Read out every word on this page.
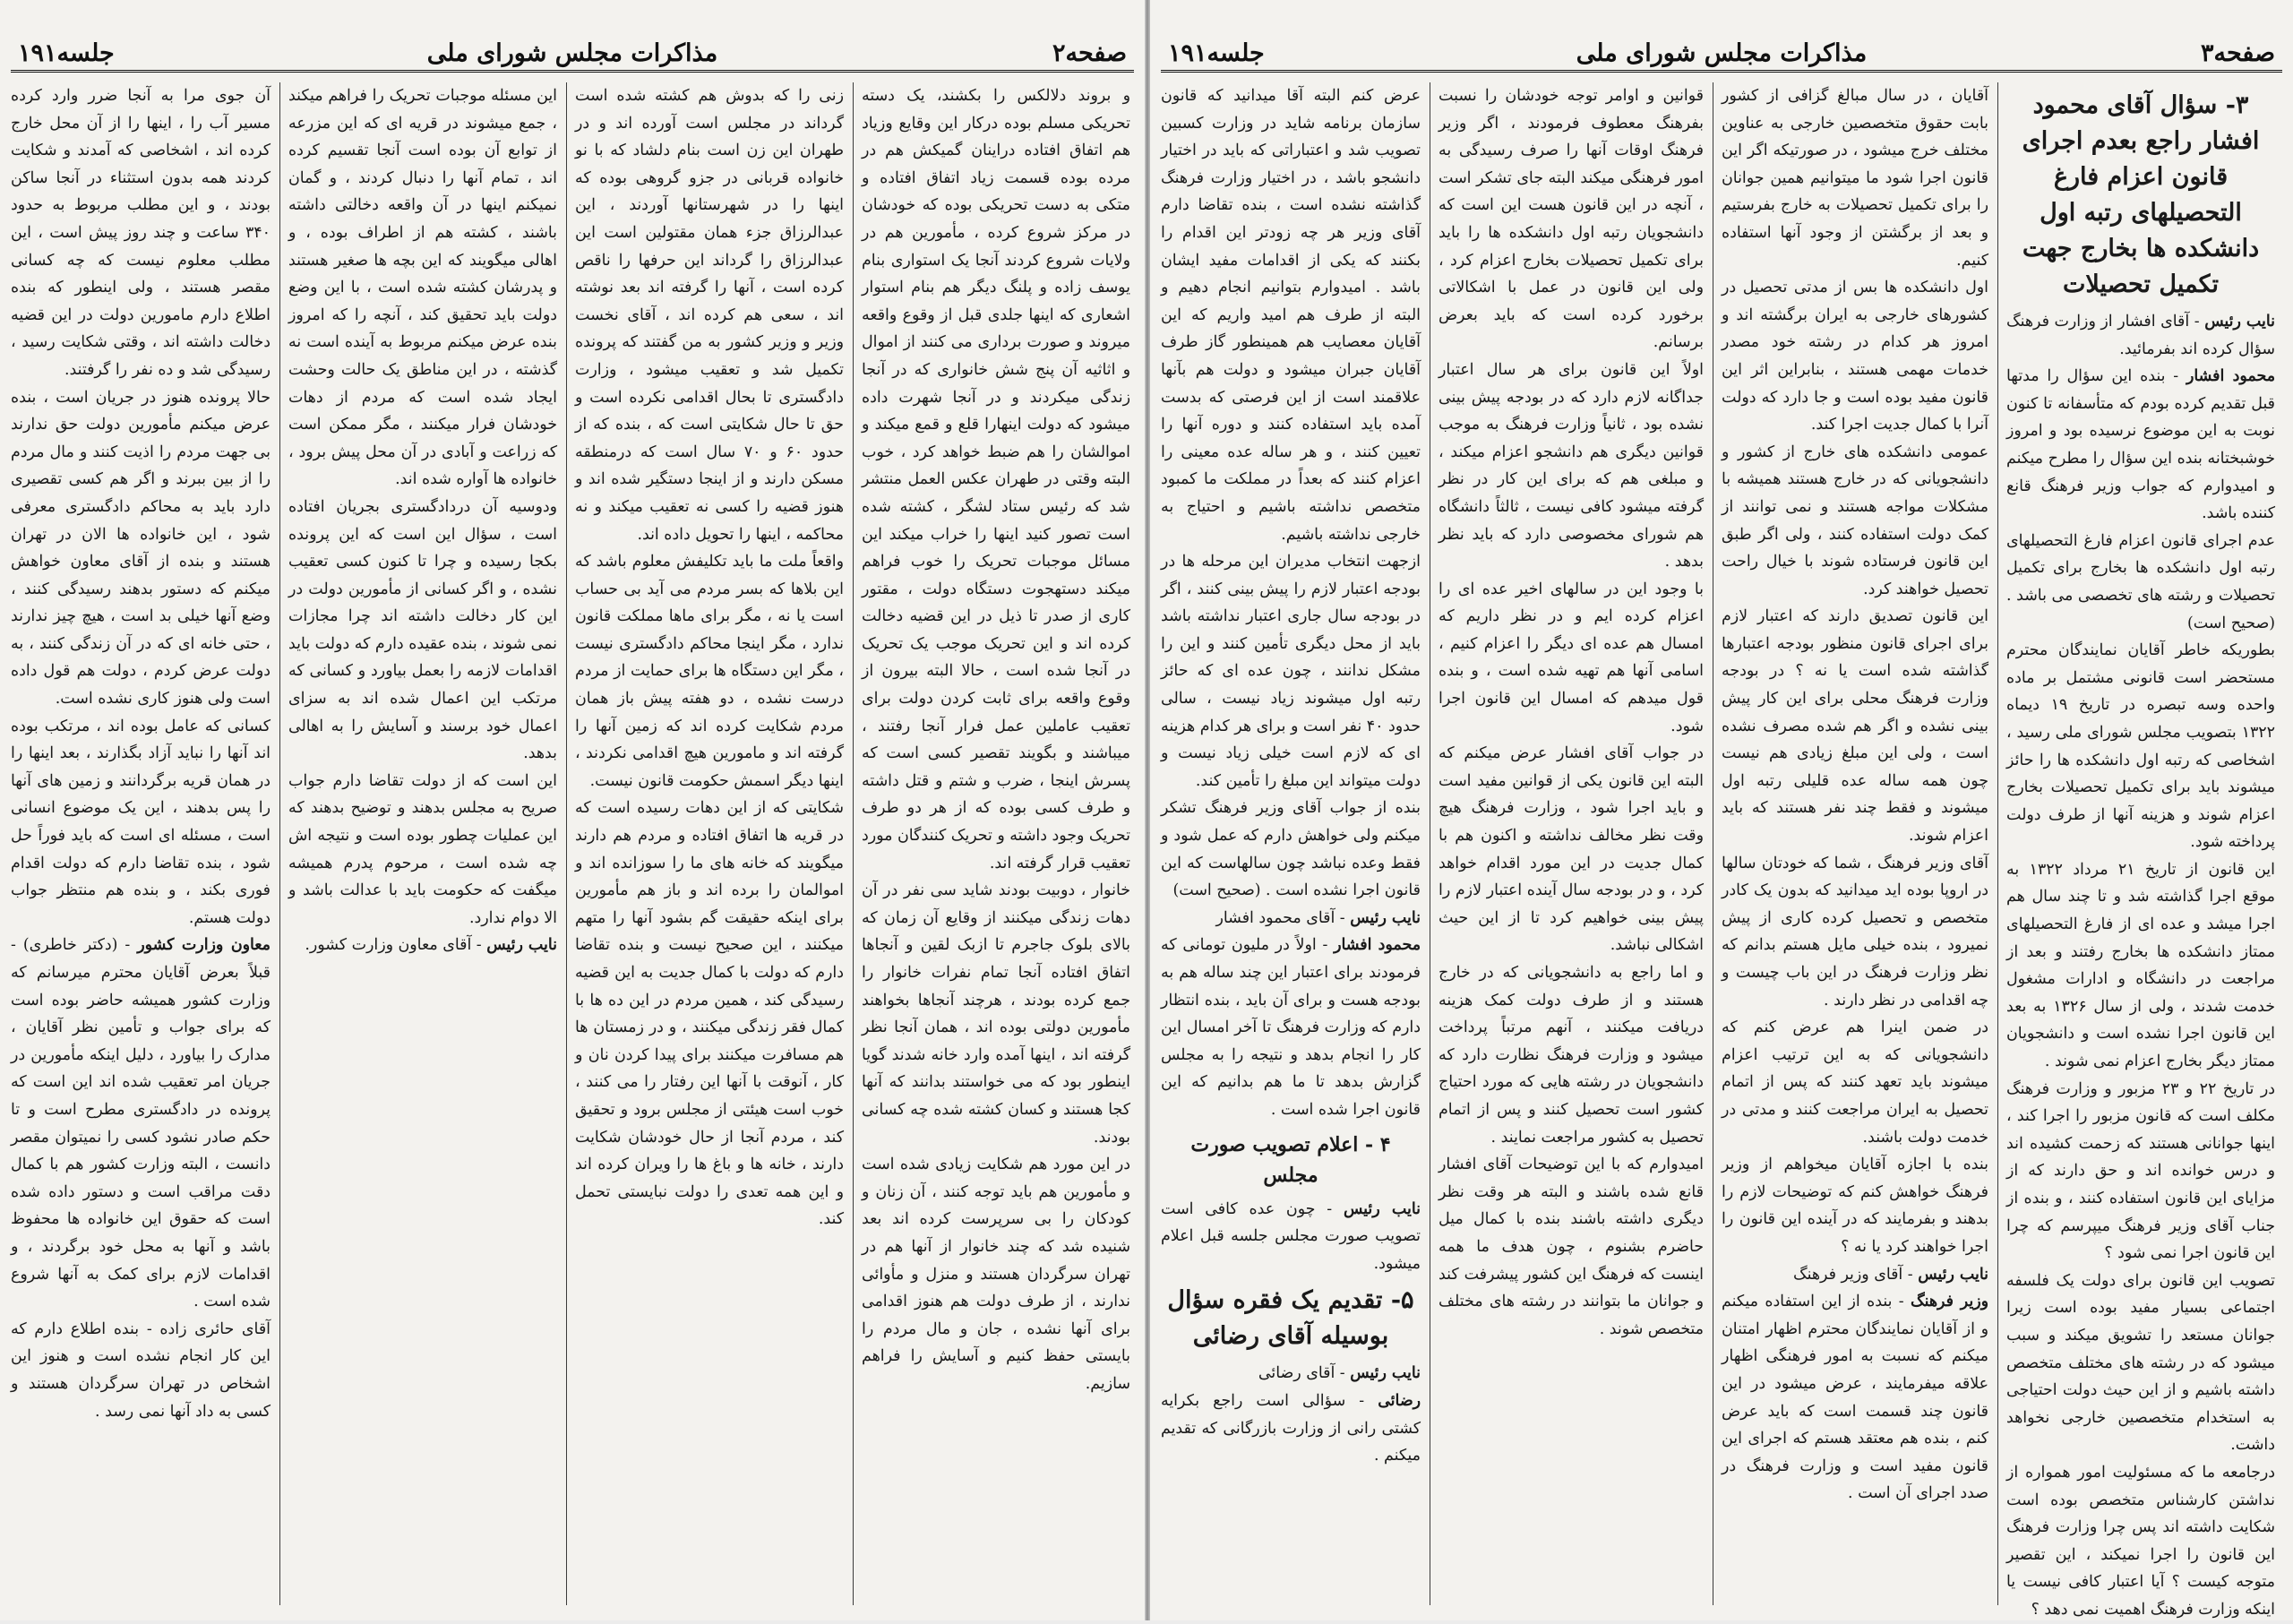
صفحه۲
مذاکرات مجلس شورای ملی
جلسه۱۹۱
و بروند دلالکس را بکشند، یک دسته تحریکی مسلم بوده درکار این وقایع وزیاد هم اتفاق افتاده دراینان گمیکش هم در مرده بوده قسمت زیاد اتفاق افتاده و متکی به دست تحریکی بوده که خودشان در مرکز شروع کرده ، مأمورین هم در ولایات شروع کردند آنجا یک استواری بنام یوسف زاده و پلنگ دیگر هم بنام استوار اشعاری که اینها جلدی قبل از وقوع واقعه میروند و صورت برداری می کنند از اموال و اثاثیه آن پنج شش خانواری که در آنجا زندگی میکردند و در آنجا شهرت داده میشود که دولت اینهارا قلع و قمع میکند و اموالشان را هم ضبط خواهد کرد ، خوب البته وقتی در طهران عکس العمل منتشر شد که رئیس ستاد لشگر ، کشته شده است تصور کنید اینها را خراب میکند این مسائل موجبات تحریک را خوب فراهم میکند دستهجوت دستگاه دولت ، مقتور کاری از صدر تا ذیل در این قضیه دخالت کرده اند و این تحریک موجب یک تحریک در آنجا شده است ، حالا البته بیرون از وقوع واقعه برای ثابت کردن دولت برای تعقیب عاملین عمل فرار آنجا رفتند ، میباشند و بگویند تقصیر کسی است که پسرش اینجا ، ضرب و شتم و قتل داشته و طرف کسی بوده که از هر دو طرف تحریک وجود داشته و تحریک کنندگان مورد تعقیب قرار گرفته اند.
خانوار ، دوبیت بودند شاید سی نفر در آن دهات زندگی میکنند از وقایع آن زمان که بالای بلوک جاجرم تا ازبک لقین و آنجاها اتفاق افتاده آنجا تمام نفرات خانوار را جمع کرده بودند ، هرچند آنجاها بخواهند مأمورین دولتی بوده اند ، همان آنجا نظر گرفته اند ، اینها آمده وارد خانه شدند گویا اینطور بود که می خواستند بدانند که آنها کجا هستند و کسان کشته شده چه کسانی بودند.
در این مورد هم شکایت زیادی شده است و مأمورین هم باید توجه کنند ، آن زنان و کودکان را بی سرپرست کرده اند بعد شنیده شد که چند خانوار از آنها هم در تهران سرگردان هستند و منزل و مأوائی ندارند ، از طرف دولت هم هنوز اقدامی برای آنها نشده ، جان و مال مردم را بایستی حفظ کنیم و آسایش را فراهم سازیم.
زنی را که بدوش هم کشته شده است گرداند در مجلس است آورده اند و در طهران این زن است بنام دلشاد که با نو خانواده قربانی در جزو گروهی بوده که اینها را در شهرستانها آوردند ، این عبدالرزاق جزء همان مقتولین است این عبدالرزاق را گرداند این حرفها را ناقص کرده است ، آنها را گرفته اند بعد نوشته اند ، سعی هم کرده اند ، آقای نخست وزیر و وزیر کشور به من گفتند که پرونده تکمیل شد و تعقیب میشود ، وزارت دادگستری تا بحال اقدامی نکرده است و حق تا حال شکایتی است که ، بنده که از حدود ۶۰ و ۷۰ سال است که درمنطقه مسکن دارند و از اینجا دستگیر شده اند و هنوز قضیه را کسی نه تعقیب میکند و نه محاکمه ، اینها را تحویل داده اند.
واقعاً ملت ما باید تکلیفش معلوم باشد که این بلاها که بسر مردم می آید بی حساب است یا نه ، مگر برای ماها مملکت قانون ندارد ، مگر اینجا محاکم دادگستری نیست ، مگر این دستگاه ها برای حمایت از مردم درست نشده ، دو هفته پیش باز همان مردم شکایت کرده اند که زمین آنها را گرفته اند و مامورین هیچ اقدامی نکردند ، اینها دیگر اسمش حکومت قانون نیست.
شکایتی که از این دهات رسیده است که در قریه ها اتفاق افتاده و مردم هم دارند میگویند که خانه های ما را سوزانده اند و اموالمان را برده اند و باز هم مأمورین برای اینکه حقیقت گم بشود آنها را متهم میکنند ، این صحیح نیست و بنده تقاضا دارم که دولت با کمال جدیت به این قضیه رسیدگی کند ، همین مردم در این ده ها با کمال فقر زندگی میکنند ، و در زمستان ها هم مسافرت میکنند برای پیدا کردن نان و کار ، آنوقت با آنها این رفتار را می کنند ، خوب است هیئتی از مجلس برود و تحقیق کند ، مردم آنجا از حال خودشان شکایت دارند ، خانه ها و باغ ها را ویران کرده اند و این همه تعدی را دولت نبایستی تحمل کند.
این مسئله موجبات تحریک را فراهم میکند ، جمع میشوند در قریه ای که این مزرعه از توابع آن بوده است آنجا تقسیم کرده اند ، تمام آنها را دنبال کردند ، و گمان نمیکنم اینها در آن واقعه دخالتی داشته باشند ، کشته هم از اطراف بوده ، و اهالی میگویند که این بچه ها صغیر هستند و پدرشان کشته شده است ، با این وضع دولت باید تحقیق کند ، آنچه را که امروز بنده عرض میکنم مربوط به آینده است نه گذشته ، در این مناطق یک حالت وحشت ایجاد شده است که مردم از دهات خودشان فرار میکنند ، مگر ممکن است که زراعت و آبادی در آن محل پیش برود ، خانواده ها آواره شده اند.
ودوسیه آن دردادگستری بجریان افتاده است ، سؤال این است که این پرونده بکجا رسیده و چرا تا کنون کسی تعقیب نشده ، و اگر کسانی از مأمورین دولت در این کار دخالت داشته اند چرا مجازات نمی شوند ، بنده عقیده دارم که دولت باید اقدامات لازمه را بعمل بیاورد و کسانی که مرتکب این اعمال شده اند به سزای اعمال خود برسند و آسایش را به اهالی بدهد.
این است که از دولت تقاضا دارم جواب صریح به مجلس بدهند و توضیح بدهند که این عملیات چطور بوده است و نتیجه اش چه شده است ، مرحوم پدرم همیشه میگفت که حکومت باید با عدالت باشد و الا دوام ندارد.
نایب رئیس - آقای معاون وزارت کشور.
آن جوی مرا به آنجا ضرر وارد کرده مسیر آب را ، اینها را از آن محل خارج کرده اند ، اشخاصی که آمدند و شکایت کردند همه بدون استثناء در آنجا ساکن بودند ، و این مطلب مربوط به حدود ۳۴۰ ساعت و چند روز پیش است ، این مطلب معلوم نیست که چه کسانی مقصر هستند ، ولی اینطور که بنده اطلاع دارم مامورین دولت در این قضیه دخالت داشته اند ، وقتی شکایت رسید ، رسیدگی شد و ده نفر را گرفتند.
حالا پرونده هنوز در جریان است ، بنده عرض میکنم مأمورین دولت حق ندارند بی جهت مردم را اذیت کنند و مال مردم را از بین ببرند و اگر هم کسی تقصیری دارد باید به محاکم دادگستری معرفی شود ، این خانواده ها الان در تهران هستند و بنده از آقای معاون خواهش میکنم که دستور بدهند رسیدگی کنند ، وضع آنها خیلی بد است ، هیچ چیز ندارند ، حتی خانه ای که در آن زندگی کنند ، به دولت عرض کردم ، دولت هم قول داده است ولی هنوز کاری نشده است.
کسانی که عامل بوده اند ، مرتکب بوده اند آنها را نباید آزاد بگذارند ، بعد اینها را در همان قریه برگردانند و زمین های آنها را پس بدهند ، این یک موضوع انسانی است ، مسئله ای است که باید فوراً حل شود ، بنده تقاضا دارم که دولت اقدام فوری بکند ، و بنده هم منتظر جواب دولت هستم.
معاون وزارت کشور - (دکتر خاطری) - قبلاً بعرض آقایان محترم میرسانم که وزارت کشور همیشه حاضر بوده است که برای جواب و تأمین نظر آقایان ، مدارک را بیاورد ، دلیل اینکه مأمورین در جریان امر تعقیب شده اند این است که پرونده در دادگستری مطرح است و تا حکم صادر نشود کسی را نمیتوان مقصر دانست ، البته وزارت کشور هم با کمال دقت مراقب است و دستور داده شده است که حقوق این خانواده ها محفوظ باشد و آنها به محل خود برگردند ، و اقدامات لازم برای کمک به آنها شروع شده است .
آقای حائری زاده - بنده اطلاع دارم که این کار انجام نشده است و هنوز این اشخاص در تهران سرگردان هستند و کسی به داد آنها نمی رسد .
صفحه۳
مذاکرات مجلس شورای ملی
جلسه۱۹۱
۳- سؤال آقای محمود افشار راجع بعدم اجرای قانون اعزام فارغ التحصیلهای رتبه اول دانشکده ها بخارج جهت تکمیل تحصیلات
نایب رئیس - آقای افشار از وزارت فرهنگ سؤال کرده اند بفرمائید.
محمود افشار - بنده این سؤال را مدتها قبل تقدیم کرده بودم که متأسفانه تا کنون نوبت به این موضوع نرسیده بود و امروز خوشبختانه بنده این سؤال را مطرح میکنم و امیدوارم که جواب وزیر فرهنگ قانع کننده باشد.
عدم اجرای قانون اعزام فارغ التحصیلهای رتبه اول دانشکده ها بخارج برای تکمیل تحصیلات و رشته های تخصصی می باشد . (صحیح است)
بطوریکه خاطر آقایان نمایندگان محترم مستحضر است قانونی مشتمل بر ماده واحده وسه تبصره در تاریخ ۱۹ دیماه ۱۳۲۲ بتصویب مجلس شورای ملی رسید ، اشخاصی که رتبه اول دانشکده ها را حائز میشوند باید برای تکمیل تحصیلات بخارج اعزام شوند و هزینه آنها از طرف دولت پرداخته شود.
این قانون از تاریخ ۲۱ مرداد ۱۳۲۲ به موقع اجرا گذاشته شد و تا چند سال هم اجرا میشد و عده ای از فارغ التحصیلهای ممتاز دانشکده ها بخارج رفتند و بعد از مراجعت در دانشگاه و ادارات مشغول خدمت شدند ، ولی از سال ۱۳۲۶ به بعد این قانون اجرا نشده است و دانشجویان ممتاز دیگر بخارج اعزام نمی شوند .
در تاریخ ۲۲ و ۲۳ مزبور و وزارت فرهنگ مکلف است که قانون مزبور را اجرا کند ، اینها جوانانی هستند که زحمت کشیده اند و درس خوانده اند و حق دارند که از مزایای این قانون استفاده کنند ، و بنده از جناب آقای وزیر فرهنگ میپرسم که چرا این قانون اجرا نمی شود ؟
تصویب این قانون برای دولت یک فلسفه اجتماعی بسیار مفید بوده است زیرا جوانان مستعد را تشویق میکند و سبب میشود که در رشته های مختلف متخصص داشته باشیم و از این حیث دولت احتیاجی به استخدام متخصصین خارجی نخواهد داشت.
درجامعه ما که مسئولیت امور همواره از نداشتن کارشناس متخصص بوده است شکایت داشته اند پس چرا وزارت فرهنگ این قانون را اجرا نمیکند ، این تقصیر متوجه کیست ؟ آیا اعتبار کافی نیست یا اینکه وزارت فرهنگ اهمیت نمی دهد ؟
آقایان ، در سال مبالغ گزافی از کشور بابت حقوق متخصصین خارجی به عناوین مختلف خرج میشود ، در صورتیکه اگر این قانون اجرا شود ما میتوانیم همین جوانان را برای تکمیل تحصیلات به خارج بفرستیم و بعد از برگشتن از وجود آنها استفاده کنیم.
اول دانشکده ها بس از مدتی تحصیل در کشورهای خارجی به ایران برگشته اند و امروز هر کدام در رشته خود مصدر خدمات مهمی هستند ، بنابراین اثر این قانون مفید بوده است و جا دارد که دولت آنرا با کمال جدیت اجرا کند.
عمومی دانشکده های خارج از کشور و دانشجویانی که در خارج هستند همیشه با مشکلات مواجه هستند و نمی توانند از کمک دولت استفاده کنند ، ولی اگر طبق این قانون فرستاده شوند با خیال راحت تحصیل خواهند کرد.
این قانون تصدیق دارند که اعتبار لازم برای اجرای قانون منظور بودجه اعتبارها گذاشته شده است یا نه ؟ در بودجه وزارت فرهنگ محلی برای این کار پیش بینی نشده و اگر هم شده مصرف نشده است ، ولی این مبلغ زیادی هم نیست چون همه ساله عده قلیلی رتبه اول میشوند و فقط چند نفر هستند که باید اعزام شوند.
آقای وزیر فرهنگ ، شما که خودتان سالها در اروپا بوده اید میدانید که بدون یک کادر متخصص و تحصیل کرده کاری از پیش نمیرود ، بنده خیلی مایل هستم بدانم که نظر وزارت فرهنگ در این باب چیست و چه اقدامی در نظر دارند .
در ضمن اینرا هم عرض کنم که دانشجویانی که به این ترتیب اعزام میشوند باید تعهد کنند که پس از اتمام تحصیل به ایران مراجعت کنند و مدتی در خدمت دولت باشند.
بنده با اجازه آقایان میخواهم از وزیر فرهنگ خواهش کنم که توضیحات لازم را بدهند و بفرمایند که در آینده این قانون را اجرا خواهند کرد یا نه ؟
نایب رئیس - آقای وزیر فرهنگ
وزیر فرهنگ - بنده از این استفاده میکنم و از آقایان نمایندگان محترم اظهار امتنان میکنم که نسبت به امور فرهنگی اظهار علاقه میفرمایند ، عرض میشود در این قانون چند قسمت است که باید عرض کنم ، بنده هم معتقد هستم که اجرای این قانون مفید است و وزارت فرهنگ در صدد اجرای آن است .
قوانین و اوامر توجه خودشان را نسبت بفرهنگ معطوف فرمودند ، اگر وزیر فرهنگ اوقات آنها را صرف رسیدگی به امور فرهنگی میکند البته جای تشکر است ، آنچه در این قانون هست این است که دانشجویان رتبه اول دانشکده ها را باید برای تکمیل تحصیلات بخارج اعزام کرد ، ولی این قانون در عمل با اشکالاتی برخورد کرده است که باید بعرض برسانم.
اولاً این قانون برای هر سال اعتبار جداگانه لازم دارد که در بودجه پیش بینی نشده بود ، ثانیاً وزارت فرهنگ به موجب قوانین دیگری هم دانشجو اعزام میکند ، و مبلغی هم که برای این کار در نظر گرفته میشود کافی نیست ، ثالثاً دانشگاه هم شورای مخصوصی دارد که باید نظر بدهد .
با وجود این در سالهای اخیر عده ای را اعزام کرده ایم و در نظر داریم که امسال هم عده ای دیگر را اعزام کنیم ، اسامی آنها هم تهیه شده است ، و بنده قول میدهم که امسال این قانون اجرا شود.
در جواب آقای افشار عرض میکنم که البته این قانون یکی از قوانین مفید است و باید اجرا شود ، وزارت فرهنگ هیچ وقت نظر مخالف نداشته و اکنون هم با کمال جدیت در این مورد اقدام خواهد کرد ، و در بودجه سال آینده اعتبار لازم را پیش بینی خواهیم کرد تا از این حیث اشکالی نباشد.
و اما راجع به دانشجویانی که در خارج هستند و از طرف دولت کمک هزینه دریافت میکنند ، آنهم مرتباً پرداخت میشود و وزارت فرهنگ نظارت دارد که دانشجویان در رشته هایی که مورد احتیاج کشور است تحصیل کنند و پس از اتمام تحصیل به کشور مراجعت نمایند .
امیدوارم که با این توضیحات آقای افشار قانع شده باشند و البته هر وقت نظر دیگری داشته باشند بنده با کمال میل حاضرم بشنوم ، چون هدف ما همه اینست که فرهنگ این کشور پیشرفت کند و جوانان ما بتوانند در رشته های مختلف متخصص شوند .
عرض کنم البته آقا میدانید که قانون سازمان برنامه شاید در وزارت کسبین تصویب شد و اعتباراتی که باید در اختیار دانشجو باشد ، در اختیار وزارت فرهنگ گذاشته نشده است ، بنده تقاضا دارم آقای وزیر هر چه زودتر این اقدام را بکنند که یکی از اقدامات مفید ایشان باشد . امیدوارم بتوانیم انجام دهیم و البته از طرف هم امید واریم که این آقایان معصایب هم همینطور گاز طرف آقایان جبران میشود و دولت هم بآنها علاقمند است از این فرصتی که بدست آمده باید استفاده کنند و دوره آنها را تعیین کنند ، و هر ساله عده معینی را اعزام کنند که بعداً در مملکت ما کمبود متخصص نداشته باشیم و احتیاج به خارجی نداشته باشیم.
ازجهت انتخاب مدیران این مرحله ها در بودجه اعتبار لازم را پیش بینی کنند ، اگر در بودجه سال جاری اعتبار نداشته باشد باید از محل دیگری تأمین کنند و این را مشکل ندانند ، چون عده ای که حائز رتبه اول میشوند زیاد نیست ، سالی حدود ۴۰ نفر است و برای هر کدام هزینه ای که لازم است خیلی زیاد نیست و دولت میتواند این مبلغ را تأمین کند.
بنده از جواب آقای وزیر فرهنگ تشکر میکنم ولی خواهش دارم که عمل شود و فقط وعده نباشد چون سالهاست که این قانون اجرا نشده است . (صحیح است)
نایب رئیس - آقای محمود افشار
محمود افشار - اولاً در ملیون تومانی که فرمودند برای اعتبار این چند ساله هم به بودجه هست و برای آن باید ، بنده انتظار دارم که وزارت فرهنگ تا آخر امسال این کار را انجام بدهد و نتیجه را به مجلس گزارش بدهد تا ما هم بدانیم که این قانون اجرا شده است .
۴ - اعلام تصویب صورت مجلس
نایب رئیس - چون عده کافی است تصویب صورت مجلس جلسه قبل اعلام میشود.
۵- تقدیم یک فقره سؤال بوسیله آقای رضائی
نایب رئیس - آقای رضائی
رضائی - سؤالی است راجع بکرایه کشتی رانی از وزارت بازرگانی که تقدیم میکنم .
